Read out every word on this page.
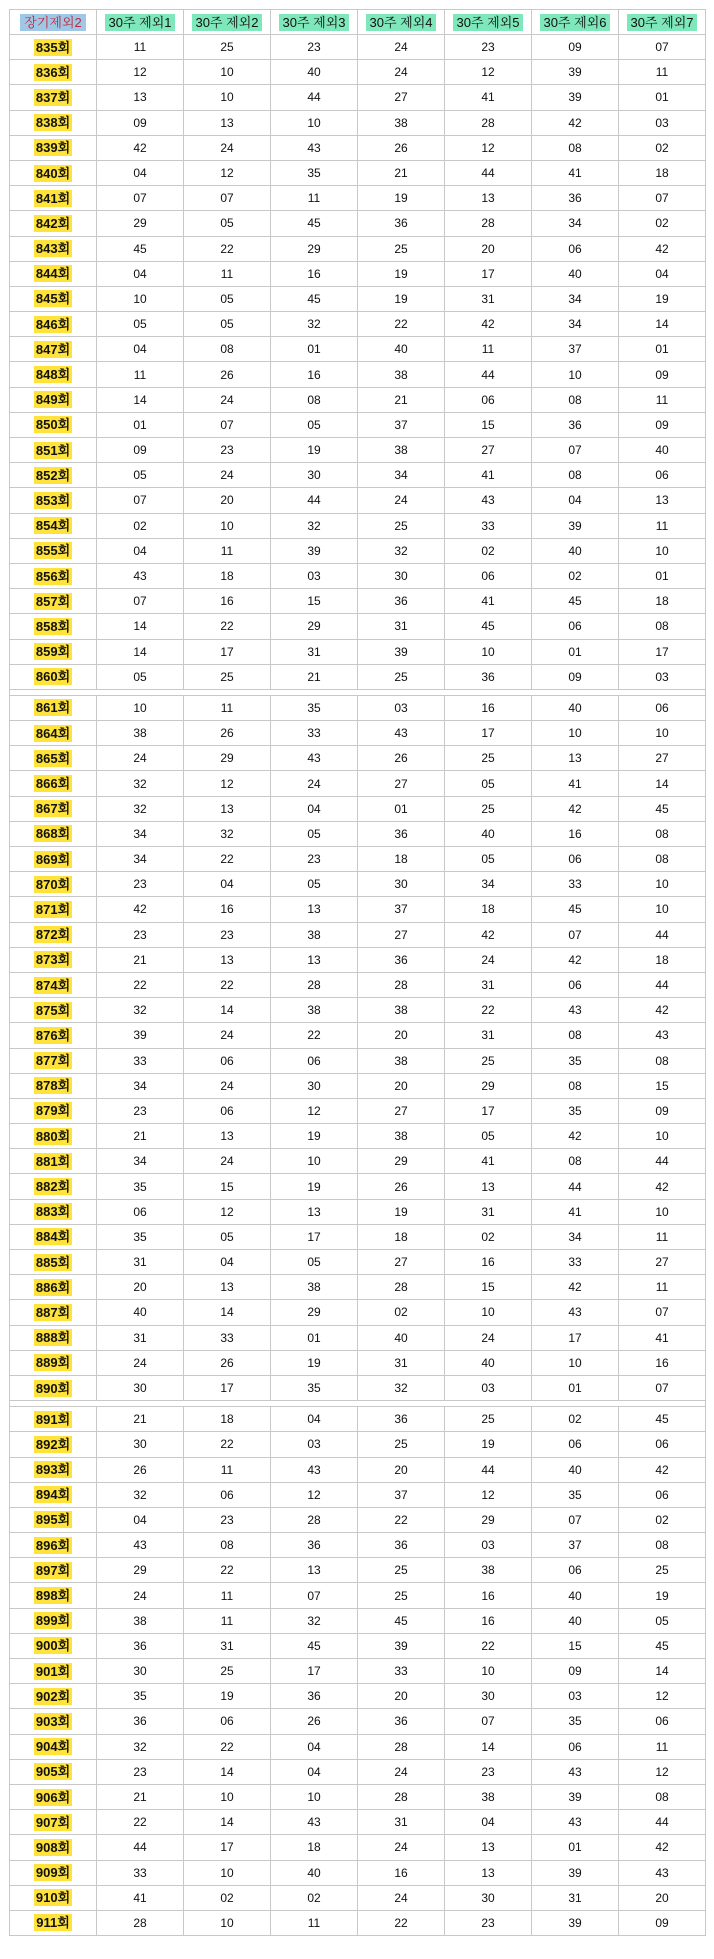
장기제외2	30주 제외1	30주 제외2	30주 제외3	30주 제외4	30주 제외5	30주 제외6	30주 제외7
835회	11	25	23	24	23	09	07
836회	12	10	40	24	12	39	11
837회	13	10	44	27	41	39	01
838회	09	13	10	38	28	42	03
839회	42	24	43	26	12	08	02
840회	04	12	35	21	44	41	18
841회	07	07	11	19	13	36	07
842회	29	05	45	36	28	34	02
843회	45	22	29	25	20	06	42
844회	04	11	16	19	17	40	04
845회	10	05	45	19	31	34	19
846회	05	05	32	22	42	34	14
847회	04	08	01	40	11	37	01
848회	11	26	16	38	44	10	09
849회	14	24	08	21	06	08	11
850회	01	07	05	37	15	36	09
851회	09	23	19	38	27	07	40
852회	05	24	30	34	41	08	06
853회	07	20	44	24	43	04	13
854회	02	10	32	25	33	39	11
855회	04	11	39	32	02	40	10
856회	43	18	03	30	06	02	01
857회	07	16	15	36	41	45	18
858회	14	22	29	31	45	06	08
859회	14	17	31	39	10	01	17
860회	05	25	21	25	36	09	03

861회	10	11	35	03	16	40	06
864회	38	26	33	43	17	10	10
865회	24	29	43	26	25	13	27
866회	32	12	24	27	05	41	14
867회	32	13	04	01	25	42	45
868회	34	32	05	36	40	16	08
869회	34	22	23	18	05	06	08
870회	23	04	05	30	34	33	10
871회	42	16	13	37	18	45	10
872회	23	23	38	27	42	07	44
873회	21	13	13	36	24	42	18
874회	22	22	28	28	31	06	44
875회	32	14	38	38	22	43	42
876회	39	24	22	20	31	08	43
877회	33	06	06	38	25	35	08
878회	34	24	30	20	29	08	15
879회	23	06	12	27	17	35	09
880회	21	13	19	38	05	42	10
881회	34	24	10	29	41	08	44
882회	35	15	19	26	13	44	42
883회	06	12	13	19	31	41	10
884회	35	05	17	18	02	34	11
885회	31	04	05	27	16	33	27
886회	20	13	38	28	15	42	11
887회	40	14	29	02	10	43	07
888회	31	33	01	40	24	17	41
889회	24	26	19	31	40	10	16
890회	30	17	35	32	03	01	07

891회	21	18	04	36	25	02	45
892회	30	22	03	25	19	06	06
893회	26	11	43	20	44	40	42
894회	32	06	12	37	12	35	06
895회	04	23	28	22	29	07	02
896회	43	08	36	36	03	37	08
897회	29	22	13	25	38	06	25
898회	24	11	07	25	16	40	19
899회	38	11	32	45	16	40	05
900회	36	31	45	39	22	15	45
901회	30	25	17	33	10	09	14
902회	35	19	36	20	30	03	12
903회	36	06	26	36	07	35	06
904회	32	22	04	28	14	06	11
905회	23	14	04	24	23	43	12
906회	21	10	10	28	38	39	08
907회	22	14	43	31	04	43	44
908회	44	17	18	24	13	01	42
909회	33	10	40	16	13	39	43
910회	41	02	02	24	30	31	20
911회	28	10	11	22	23	39	09
